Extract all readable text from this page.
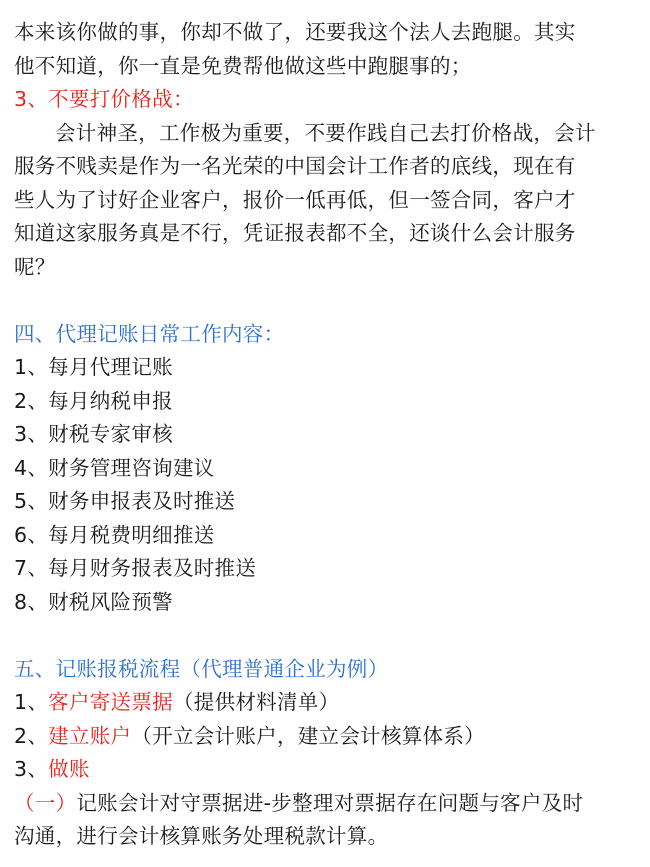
本来该你做的事，你却不做了，还要我这个法人去跑腿。其实
他不知道，你一直是免费帮他做这些中跑腿事的；
3、不要打价格战：
会计神圣，工作极为重要，不要作践自己去打价格战，会计
服务不贱卖是作为一名光荣的中国会计工作者的底线，现在有
些人为了讨好企业客户，报价一低再低，但一签合同，客户才
知道这家服务真是不行，凭证报表都不全，还谈什么会计服务
呢？
四、代理记账日常工作内容：
1、每月代理记账
2、每月纳税申报
3、财税专家审核
4、财务管理咨询建议
5、财务申报表及时推送
6、每月税费明细推送
7、每月财务报表及时推送
8、财税风险预警
五、记账报税流程（代理普通企业为例）
1、客户寄送票据（提供材料清单）
2、建立账户（开立会计账户，建立会计核算体系）
3、做账
（一）记账会计对守票据进-步整理对票据存在问题与客户及时
沟通，进行会计核算账务处理税款计算。
